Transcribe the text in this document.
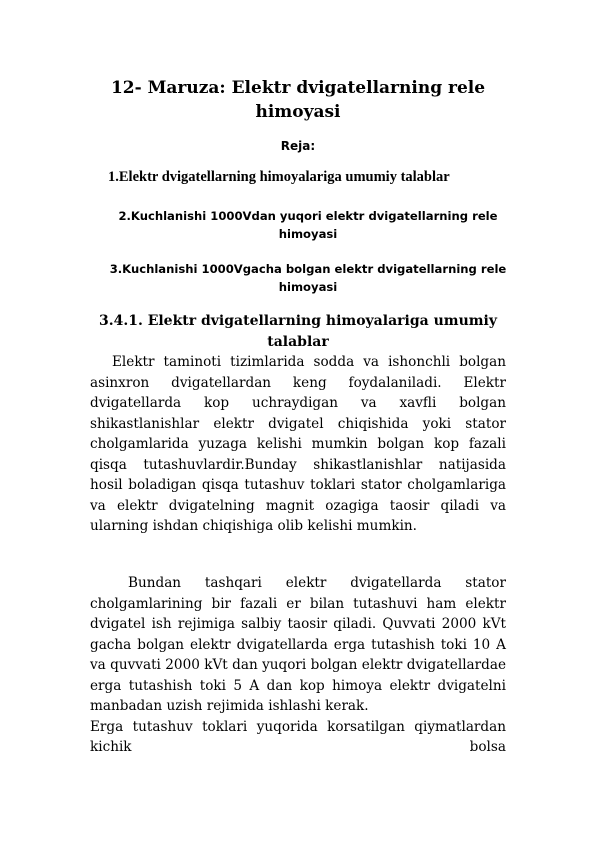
12- Maruza: Elektr dvigatellarning rele himoyasi

Reja:

1.Elektr dvigatellarning himoyalariga umumiy talablar

2.Kuchlanishi 1000Vdan yuqori elektr dvigatellarning rele himoyasi

3.Kuchlanishi 1000Vgacha bolgan elektr dvigatellarning rele himoyasi

3.4.1. Elektr dvigatellarning himoyalariga umumiy talablar

Elektr taminoti tizimlarida sodda va ishonchli bolgan asinxron dvigatellardan keng foydalaniladi. Elektr dvigatellarda kop uchraydigan va xavfli bolgan shikastlanishlar elektr dvigatel chiqishida yoki stator cholgamlarida yuzaga kelishi mumkin bolgan kop fazali qisqa tutashuvlardir.Bunday shikastlanishlar natijasida hosil boladigan qisqa tutashuv toklari stator cholgamlariga va elektr dvigatelning magnit ozagiga taosir qiladi va ularning ishdan chiqishiga olib kelishi mumkin.

Bundan tashqari elektr dvigatellarda stator cholgamlarining bir fazali er bilan tutashuvi ham elektr dvigatel ish rejimiga salbiy taosir qiladi. Quvvati 2000 kVt gacha bolgan elektr dvigatellarda erga tutashish toki 10 A va quvvati 2000 kVt dan yuqori bolgan elektr dvigatellardae erga tutashish toki 5 A dan kop himoya elektr dvigatelni manbadan uzish rejimida ishlashi kerak.
Erga tutashuv toklari yuqorida korsatilgan qiymatlardan kichik bolsa
